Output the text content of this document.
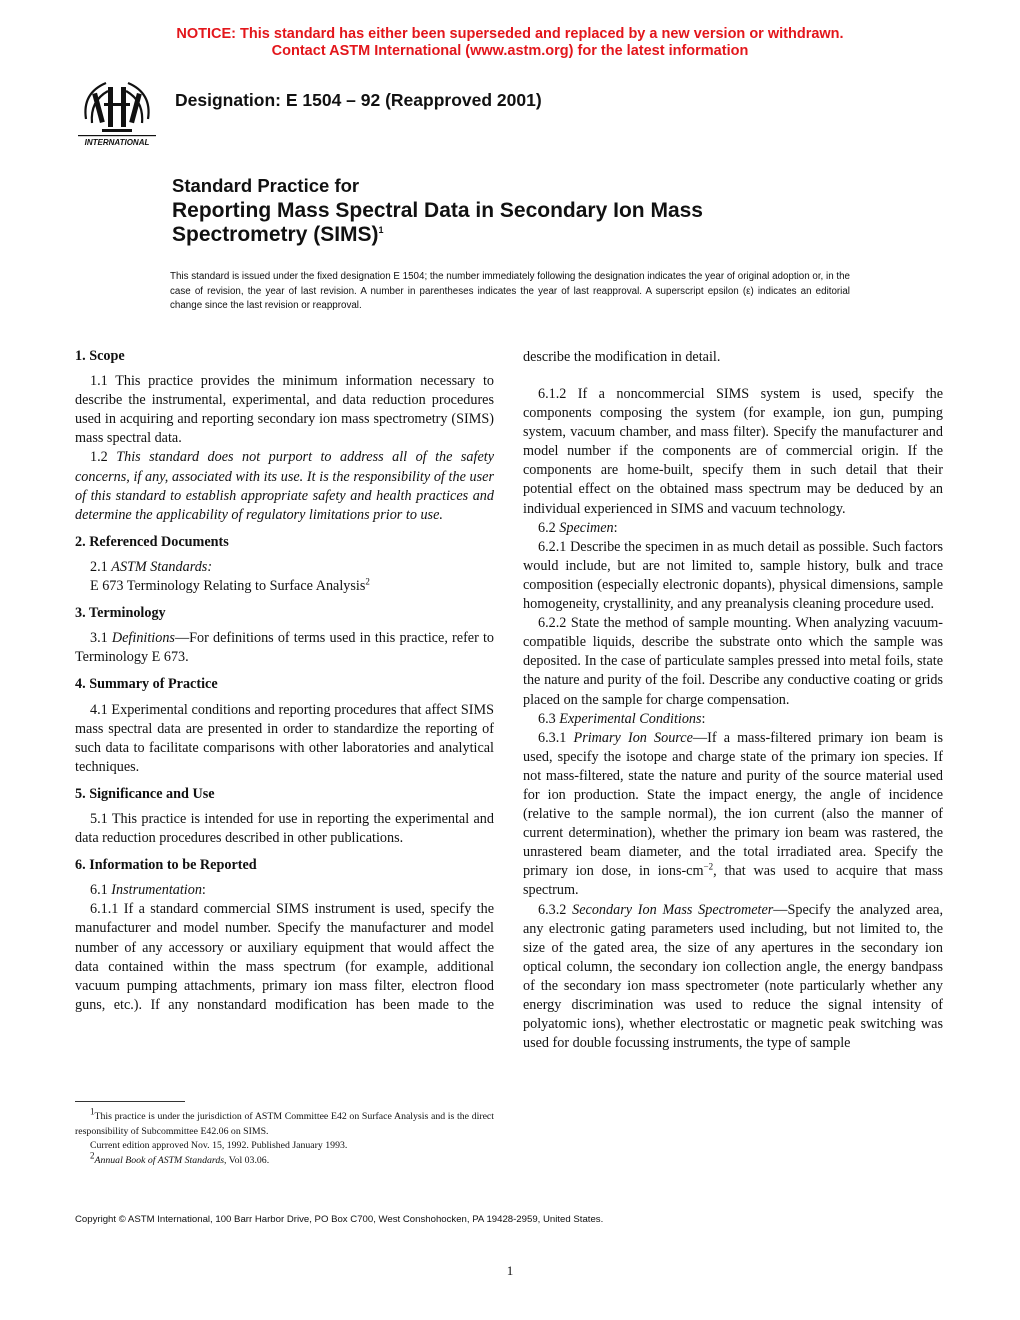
NOTICE: This standard has either been superseded and replaced by a new version or withdrawn.
Contact ASTM International (www.astm.org) for the latest information
INTERNATIONAL
Designation: E 1504 – 92 (Reapproved 2001)
Standard Practice for
Reporting Mass Spectral Data in Secondary Ion Mass Spectrometry (SIMS)$^1$
This standard is issued under the fixed designation E 1504; the number immediately following the designation indicates the year of original adoption or, in the case of revision, the year of last revision. A number in parentheses indicates the year of last reapproval. A superscript epsilon (ε) indicates an editorial change since the last revision or reapproval.
1. Scope

1.1 This practice provides the minimum information necessary to describe the instrumental, experimental, and data reduction procedures used in acquiring and reporting secondary ion mass spectrometry (SIMS) mass spectral data.

1.2 This standard does not purport to address all of the safety concerns, if any, associated with its use. It is the responsibility of the user of this standard to establish appropriate safety and health practices and determine the applicability of regulatory limitations prior to use.

2. Referenced Documents

2.1 ASTM Standards:

E 673 Terminology Relating to Surface Analysis$^2$

3. Terminology

3.1 Definitions—For definitions of terms used in this practice, refer to Terminology E 673.

4. Summary of Practice

4.1 Experimental conditions and reporting procedures that affect SIMS mass spectral data are presented in order to standardize the reporting of such data to facilitate comparisons with other laboratories and analytical techniques.

5. Significance and Use

5.1 This practice is intended for use in reporting the experimental and data reduction procedures described in other publications.

6. Information to be Reported

6.1 Instrumentation:

6.1.1 If a standard commercial SIMS instrument is used, specify the manufacturer and model number. Specify the manufacturer and model number of any accessory or auxiliary equipment that would affect the data contained within the mass spectrum (for example, additional vacuum pumping attachments, primary ion mass filter, electron flood guns, etc.). If any nonstandard modification has been made to the

$^1$This practice is under the jurisdiction of ASTM Committee E42 on Surface Analysis and is the direct responsibility of Subcommittee E42.06 on SIMS.

Current edition approved Nov. 15, 1992. Published January 1993.

$^2$Annual Book of ASTM Standards, Vol 03.06.

describe the modification in detail.

6.1.2 If a noncommercial SIMS system is used, specify the components composing the system (for example, ion gun, pumping system, vacuum chamber, and mass filter). Specify the manufacturer and model number if the components are of commercial origin. If the components are home-built, specify them in such detail that their potential effect on the obtained mass spectrum may be deduced by an individual experienced in SIMS and vacuum technology.

6.2 Specimen:

6.2.1 Describe the specimen in as much detail as possible. Such factors would include, but are not limited to, sample history, bulk and trace composition (especially electronic dopants), physical dimensions, sample homogeneity, crystallinity, and any preanalysis cleaning procedure used.

6.2.2 State the method of sample mounting. When analyzing vacuum-compatible liquids, describe the substrate onto which the sample was deposited. In the case of particulate samples pressed into metal foils, state the nature and purity of the foil. Describe any conductive coating or grids placed on the sample for charge compensation.

6.3 Experimental Conditions:

6.3.1 Primary Ion Source—If a mass-filtered primary ion beam is used, specify the isotope and charge state of the primary ion species. If not mass-filtered, state the nature and purity of the source material used for ion production. State the impact energy, the angle of incidence (relative to the sample normal), the ion current (also the manner of current determination), whether the primary ion beam was rastered, the unrastered beam diameter, and the total irradiated area. Specify the primary ion dose, in ions-$cm^{-2}$, that was used to acquire that mass spectrum.

6.3.2 Secondary Ion Mass Spectrometer—Specify the analyzed area, any electronic gating parameters used including, but not limited to, the size of the gated area, the size of any apertures in the secondary ion optical column, the secondary ion collection angle, the energy bandpass of the secondary ion mass spectrometer (note particularly whether any energy discrimination was used to reduce the signal intensity of polyatomic ions), whether electrostatic or magnetic peak switching was used for double focussing instruments, the type of sample

Copyright © ASTM International, 100 Barr Harbor Drive, PO Box C700, West Conshohocken, PA 19428-2959, United States.
1
